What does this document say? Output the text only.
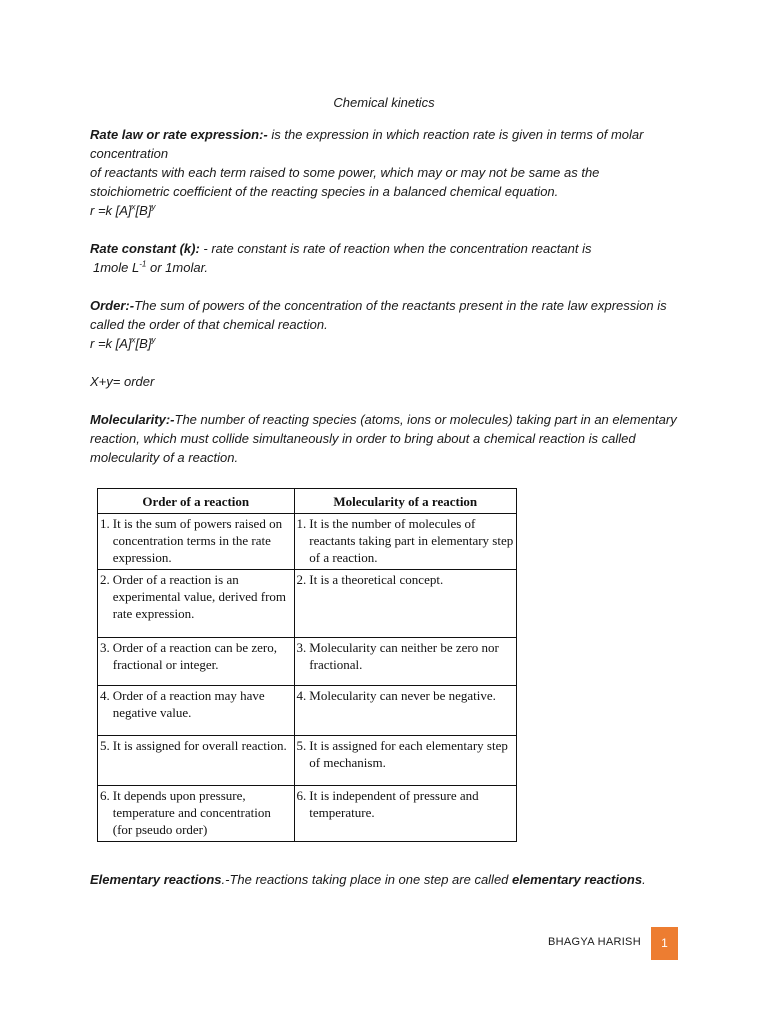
Chemical kinetics
Rate law or rate expression:- is the expression in which reaction rate is given in terms of molar concentration
of reactants with each term raised to some power, which may or may not be same as the stoichiometric coefficient of the reacting species in a balanced chemical equation.
r =k $[A]^x[B]^y$
Rate constant (k): - rate constant is rate of reaction when the concentration reactant is
1mole $L^{-1}$ or 1molar.
Order:-The sum of powers of the concentration of the reactants present in the rate law expression is called the order of that chemical reaction.
r =k $[A]^x[B]^y$
X+y= order
Molecularity:-The number of reacting species (atoms, ions or molecules) taking part in an elementary reaction, which must collide simultaneously in order to bring about a chemical reaction is called molecularity of a reaction.
Order of a reaction	Molecularity of a reaction

1. It is the sum of powers raised on concentration terms in the rate expression.	1. It is the number of molecules of reactants taking part in elementary step of a reaction.

2. Order of a reaction is an experimental value, derived from rate expression.	2. It is a theoretical concept.

3. Order of a reaction can be zero, fractional or integer.	3. Molecularity can neither be zero nor fractional.

4. Order of a reaction may have negative value.	4. Molecularity can never be negative.

5. It is assigned for overall reaction.	5. It is assigned for each elementary step of mechanism.

6. It depends upon pressure, temperature and concentration (for pseudo order)	6. It is independent of pressure and temperature.
Elementary reactions.-The reactions taking place in one step are called elementary reactions.
BHAGYA HARISH	1
